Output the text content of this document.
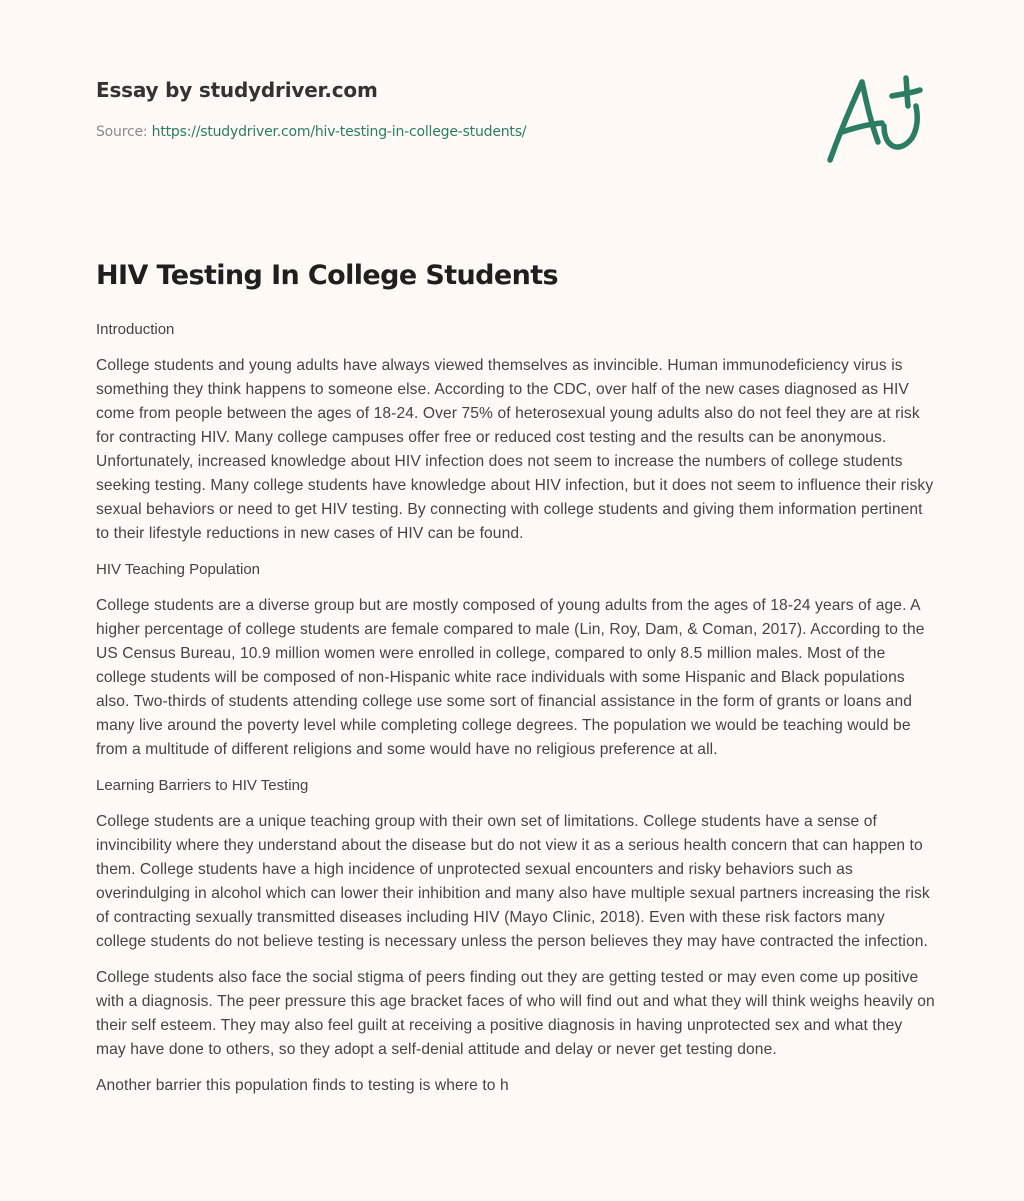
Essay by studydriver.com
Source: https://studydriver.com/hiv-testing-in-college-students/
HIV Testing In College Students

Introduction

College students and young adults have always viewed themselves as invincible. Human immunodeficiency virus is something they think happens to someone else. According to the CDC, over half of the new cases diagnosed as HIV come from people between the ages of 18-24. Over 75% of heterosexual young adults also do not feel they are at risk for contracting HIV. Many college campuses offer free or reduced cost testing and the results can be anonymous. Unfortunately, increased knowledge about HIV infection does not seem to increase the numbers of college students seeking testing. Many college students have knowledge about HIV infection, but it does not seem to influence their risky sexual behaviors or need to get HIV testing. By connecting with college students and giving them information pertinent to their lifestyle reductions in new cases of HIV can be found.

HIV Teaching Population

College students are a diverse group but are mostly composed of young adults from the ages of 18-24 years of age. A higher percentage of college students are female compared to male (Lin, Roy, Dam, & Coman, 2017). According to the US Census Bureau, 10.9 million women were enrolled in college, compared to only 8.5 million males. Most of the college students will be composed of non-Hispanic white race individuals with some Hispanic and Black populations also. Two-thirds of students attending college use some sort of financial assistance in the form of grants or loans and many live around the poverty level while completing college degrees. The population we would be teaching would be from a multitude of different religions and some would have no religious preference at all.

Learning Barriers to HIV Testing

College students are a unique teaching group with their own set of limitations. College students have a sense of invincibility where they understand about the disease but do not view it as a serious health concern that can happen to them. College students have a high incidence of unprotected sexual encounters and risky behaviors such as overindulging in alcohol which can lower their inhibition and many also have multiple sexual partners increasing the risk of contracting sexually transmitted diseases including HIV (Mayo Clinic, 2018). Even with these risk factors many college students do not believe testing is necessary unless the person believes they may have contracted the infection.

College students also face the social stigma of peers finding out they are getting tested or may even come up positive with a diagnosis. The peer pressure this age bracket faces of who will find out and what they will think weighs heavily on their self esteem. They may also feel guilt at receiving a positive diagnosis in having unprotected sex and what they may have done to others, so they adopt a self-denial attitude and delay or never get testing done.

Another barrier this population finds to testing is where to h
